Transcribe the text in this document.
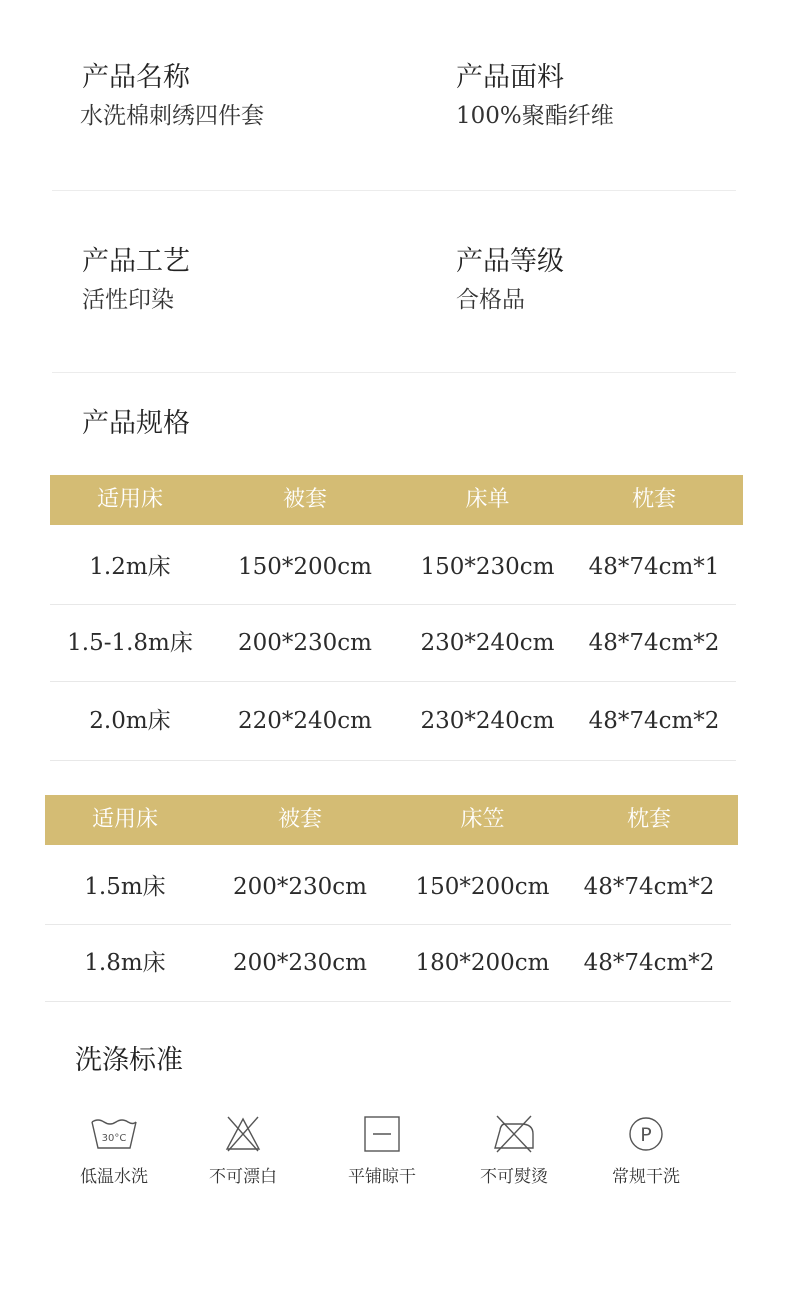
产品名称
水洗棉刺绣四件套
产品面料
100%聚酯纤维
产品工艺
活性印染
产品等级
合格品
产品规格
适用床	被套	床单	枕套
1.2m床	150*200cm	150*230cm	48*74cm*1
1.5-1.8m床	200*230cm	230*240cm	48*74cm*2
2.0m床	220*240cm	230*240cm	48*74cm*2
适用床	被套	床笠	枕套
1.5m床	200*230cm	150*200cm	48*74cm*2
1.8m床	200*230cm	180*200cm	48*74cm*2
洗涤标准
30°C
低温水洗	不可漂白	平铺晾干	不可熨烫
P
常规干洗
